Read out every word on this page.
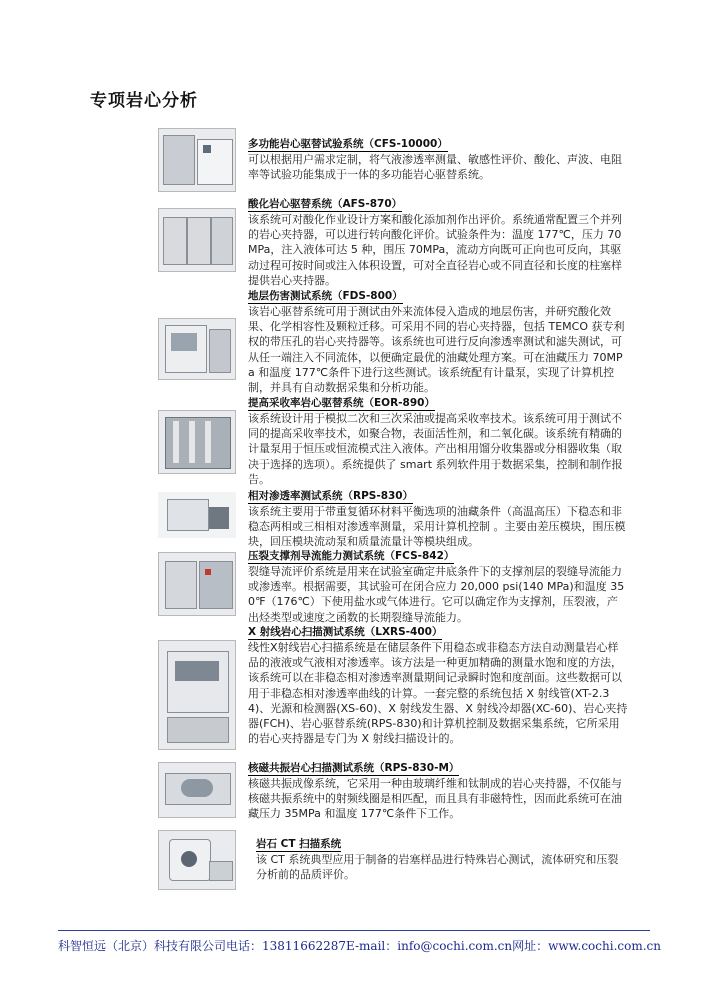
专项岩心分析
多功能岩心驱替试验系统（CFS-10000）
可以根据用户需求定制，将气液渗透率测量、敏感性评价、酸化、声波、电阻率等试验功能集成于一体的多功能岩心驱替系统。
酸化岩心驱替系统（AFS-870）
该系统可对酸化作业设计方案和酸化添加剂作出评价。系统通常配置三个并列的岩心夹持器，可以进行转向酸化评价。试验条件为：温度 177℃，压力 70MPa，注入液体可达 5 种，围压 70MPa，流动方向既可正向也可反向，其驱动过程可按时间或注入体积设置，可对全直径岩心或不同直径和长度的柱塞样提供岩心夹持器。
地层伤害测试系统（FDS-800）
该岩心驱替系统可用于测试由外来流体侵入造成的地层伤害，并研究酸化效果、化学相容性及颗粒迁移。可采用不同的岩心夹持器，包括 TEMCO 获专利权的带压孔的岩心夹持器等。该系统也可进行反向渗透率测试和滤失测试，可从任一端注入不同流体，以便确定最优的油藏处理方案。可在油藏压力 70MPa 和温度 177℃条件下进行这些测试。该系统配有计量泵，实现了计算机控制，并具有自动数据采集和分析功能。
提高采收率岩心驱替系统（EOR-890）
该系统设计用于模拟二次和三次采油或提高采收率技术。该系统可用于测试不同的提高采收率技术，如聚合物，表面活性剂，和二氧化碳。该系统有精确的计量泵用于恒压或恒流模式注入液体。产出相用馏分收集器或分相器收集（取决于选择的选项）。系统提供了 smart 系列软件用于数据采集，控制和制作报告。
相对渗透率测试系统（RPS-830）
该系统主要用于带重复循环材料平衡选项的油藏条件（高温高压）下稳态和非稳态两相或三相相对渗透率测量，采用计算机控制 。主要由差压模块，围压模块，回压模块流动泵和质量流量计等模块组成。
压裂支撑剂导流能力测试系统（FCS-842）
裂缝导流评价系统是用来在试验室确定井底条件下的支撑剂层的裂缝导流能力或渗透率。根据需要，其试验可在闭合应力 20,000 psi(140 MPa)和温度 350℉（176℃）下使用盐水或气体进行。它可以确定作为支撑剂，压裂液，产出烃类型或速度之函数的长期裂缝导流能力。
X 射线岩心扫描测试系统（LXRS-400）
线性X射线岩心扫描系统是在储层条件下用稳态或非稳态方法自动测量岩心样品的液液或气液相对渗透率。该方法是一种更加精确的测量水饱和度的方法，该系统可以在非稳态相对渗透率测量期间记录瞬时饱和度剖面。这些数据可以用于非稳态相对渗透率曲线的计算。一套完整的系统包括 X 射线管(XT-2.34)、光源和检测器(XS-60)、X 射线发生器、X 射线冷却器(XC-60)、岩心夹持器(FCH)、岩心驱替系统(RPS-830)和计算机控制及数据采集系统，它所采用的岩心夹持器是专门为 X 射线扫描设计的。
核磁共振岩心扫描测试系统（RPS-830-M）
核磁共振成像系统，它采用一种由玻璃纤维和钛制成的岩心夹持器，不仅能与核磁共振系统中的射频线圈是相匹配，而且具有非磁特性，因而此系统可在油藏压力 35MPa 和温度 177℃条件下工作。
岩石 CT 扫描系统
该 CT 系统典型应用于制备的岩塞样品进行特殊岩心测试，流体研究和压裂分析前的品质评价。
科智恒远（北京）科技有限公司 电话：13811662287 E-mail：info@cochi.com.cn 网址：www.cochi.com.cn
